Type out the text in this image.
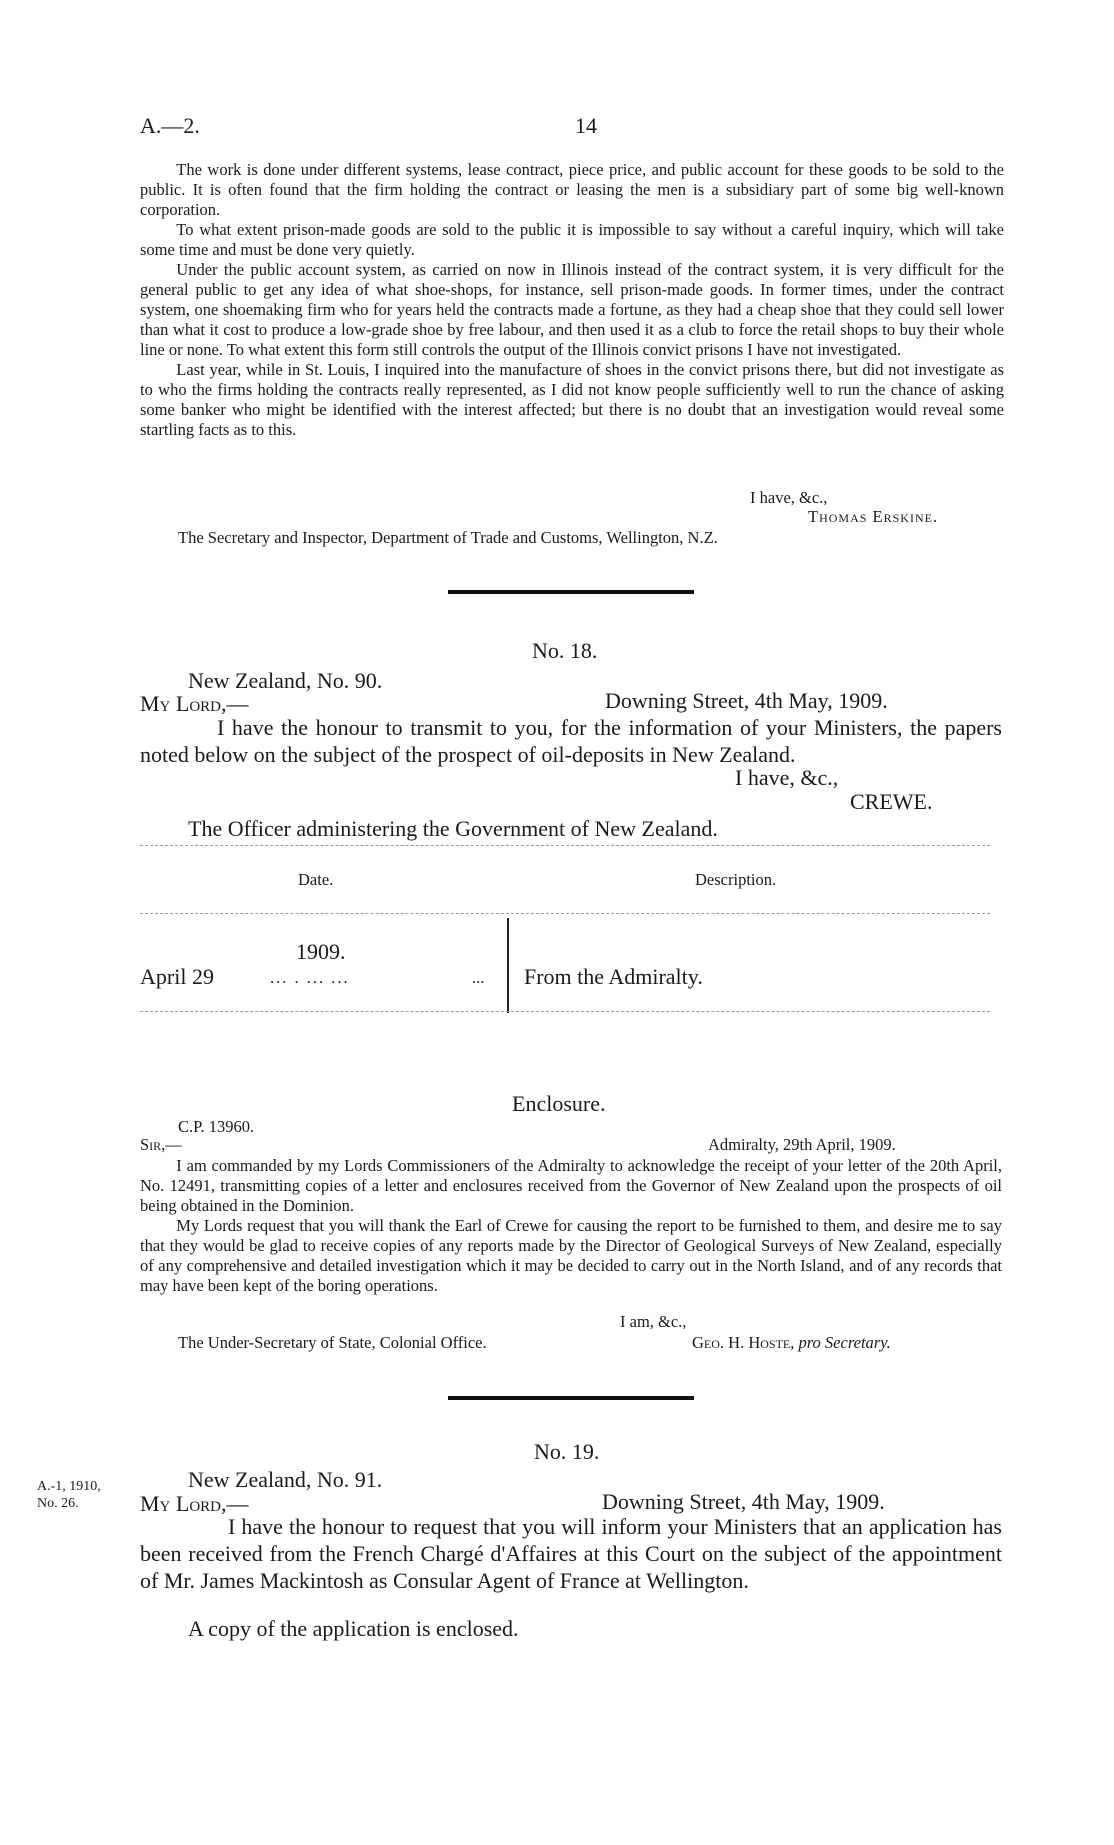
A.—2.	14

The work is done under different systems, lease contract, piece price, and public account for these goods to be sold to the public. It is often found that the firm holding the contract or leasing the men is a subsidiary part of some big well-known corporation.

To what extent prison-made goods are sold to the public it is impossible to say without a careful inquiry, which will take some time and must be done very quietly.

Under the public account system, as carried on now in Illinois instead of the contract system, it is very difficult for the general public to get any idea of what shoe-shops, for instance, sell prison-made goods. In former times, under the contract system, one shoemaking firm who for years held the contracts made a fortune, as they had a cheap shoe that they could sell lower than what it cost to produce a low-grade shoe by free labour, and then used it as a club to force the retail shops to buy their whole line or none. To what extent this form still controls the output of the Illinois convict prisons I have not investigated.

Last year, while in St. Louis, I inquired into the manufacture of shoes in the convict prisons there, but did not investigate as to who the firms holding the contracts really represented, as I did not know people sufficiently well to run the chance of asking some banker who might be identified with the interest affected; but there is no doubt that an investigation would reveal some startling facts as to this.

I have, &c.,
Thomas Erskine.
The Secretary and Inspector, Department of Trade and Customs, Wellington, N.Z.
No. 18.
New Zealand, No. 90.
My Lord,—	Downing Street, 4th May, 1909.
I have the honour to transmit to you, for the information of your Ministers, the papers noted below on the subject of the prospect of oil-deposits in New Zealand.
I have, &c.,
CREWE.
The Officer administering the Government of New Zealand.
Date.	Description.
1909.
April 29	... . ... ...	... From the Admiralty.
Enclosure.
C.P. 13960.
Sir,—	Admiralty, 29th April, 1909.

I am commanded by my Lords Commissioners of the Admiralty to acknowledge the receipt of your letter of the 20th April, No. 12491, transmitting copies of a letter and enclosures received from the Governor of New Zealand upon the prospects of oil being obtained in the Dominion.

My Lords request that you will thank the Earl of Crewe for causing the report to be furnished to them, and desire me to say that they would be glad to receive copies of any reports made by the Director of Geological Surveys of New Zealand, especially of any comprehensive and detailed investigation which it may be decided to carry out in the North Island, and of any records that may have been kept of the boring operations.

I am, &c.,
The Under-Secretary of State, Colonial Office.	Geo. H. Hoste, pro Secretary.
A.-1, 1910,
No. 26.
No. 19.
New Zealand, No. 91.
My Lord,—	Downing Street, 4th May, 1909.
I have the honour to request that you will inform your Ministers that an application has been received from the French Chargé d'Affaires at this Court on the subject of the appointment of Mr. James Mackintosh as Consular Agent of France at Wellington.
A copy of the application is enclosed.
